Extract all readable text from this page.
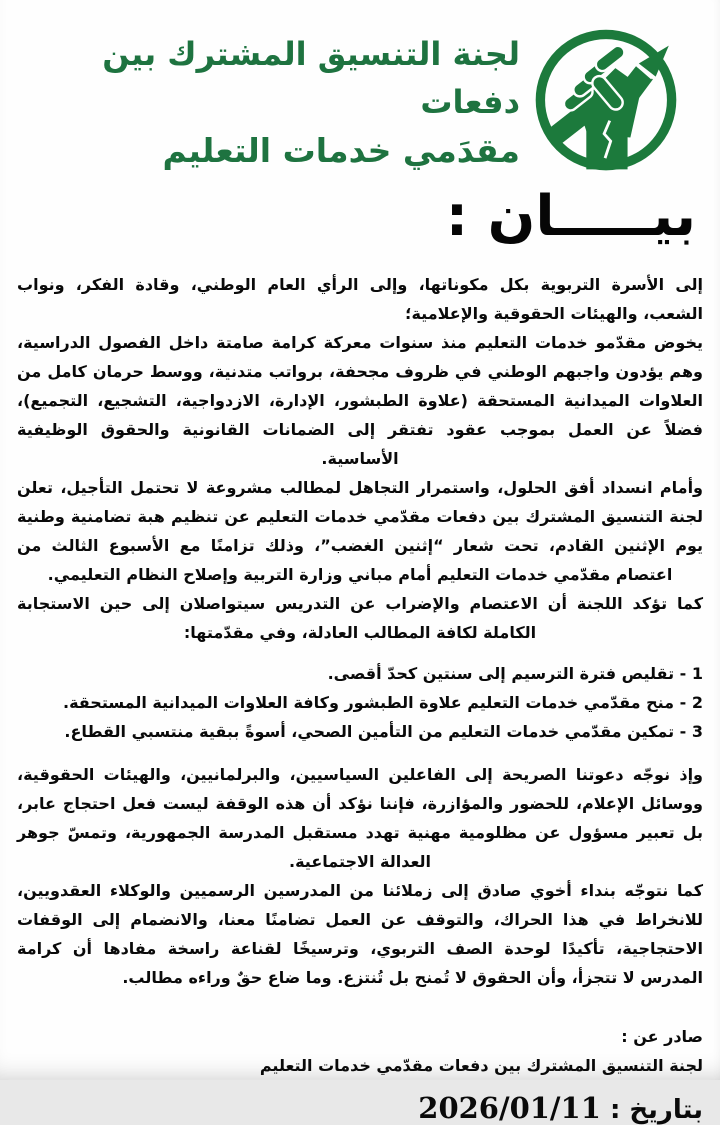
لجنة التنسيق المشترك بين دفعات
مقدَمي خدمات التعليم
بيـــــان :

إلى الأسرة التربوية بكل مكوناتها، وإلى الرأي العام الوطني، وقادة الفكر، ونواب الشعب، والهيئات الحقوقية والإعلامية؛

يخوض مقدّمو خدمات التعليم منذ سنوات معركة كرامة صامتة داخل الفصول الدراسية، وهم يؤدون واجبهم الوطني في ظروف مجحفة، برواتب متدنية، ووسط حرمان كامل من العلاوات الميدانية المستحقة (علاوة الطبشور، الإدارة، الازدواجية، التشجيع، التجميع)، فضلاً عن العمل بموجب عقود تفتقر إلى الضمانات القانونية والحقوق الوظيفية الأساسية.

وأمام انسداد أفق الحلول، واستمرار التجاهل لمطالب مشروعة لا تحتمل التأجيل، تعلن لجنة التنسيق المشترك بين دفعات مقدّمي خدمات التعليم عن تنظيم هبة تضامنية وطنية يوم الإثنين القادم، تحت شعار “إثنين الغضب”، وذلك تزامنًا مع الأسبوع الثالث من اعتصام مقدّمي خدمات التعليم أمام مباني وزارة التربية وإصلاح النظام التعليمي.

كما تؤكد اللجنة أن الاعتصام والإضراب عن التدريس سيتواصلان إلى حين الاستجابة الكاملة لكافة المطالب العادلة، وفي مقدّمتها:

1 - تقليص فترة الترسيم إلى سنتين كحدّ أقصى.
2 - منح مقدّمي خدمات التعليم علاوة الطبشور وكافة العلاوات الميدانية المستحقة.
3 - تمكين مقدّمي خدمات التعليم من التأمين الصحي، أسوةً ببقية منتسبي القطاع.

وإذ نوجّه دعوتنا الصريحة إلى الفاعلين السياسيين، والبرلمانيين، والهيئات الحقوقية، ووسائل الإعلام، للحضور والمؤازرة، فإننا نؤكد أن هذه الوقفة ليست فعل احتجاج عابر، بل تعبير مسؤول عن مظلومية مهنية تهدد مستقبل المدرسة الجمهورية، وتمسّ جوهر العدالة الاجتماعية.

كما نتوجّه بنداء أخوي صادق إلى زملائنا من المدرسين الرسميين والوكلاء العقدويين، للانخراط في هذا الحراك، والتوقف عن العمل تضامنًا معنا، والانضمام إلى الوقفات الاحتجاجية، تأكيدًا لوحدة الصف التربوي، وترسيخًا لقناعة راسخة مفادها أن كرامة المدرس لا تتجزأ، وأن الحقوق لا تُمنح بل تُنتزع. وما ضاع حقٌ وراءه مطالب.

صادر عن :
لجنة التنسيق المشترك بين دفعات مقدّمي خدمات التعليم
بتاريخ : 2026/01/11
